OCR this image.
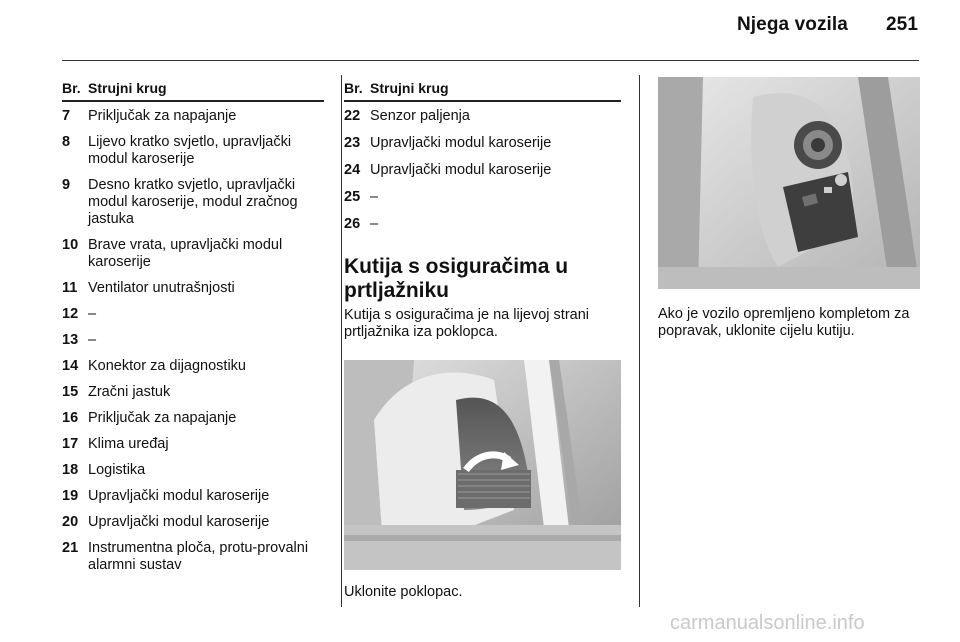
Njega vozila 251
Br. Strujni krug
7	Priključak za napajanje
8	Lijevo kratko svjetlo, upravljački modul karoserije
9	Desno kratko svjetlo, upravljački modul karoserije, modul zračnog jastuka
10 Brave vrata, upravljački modul karoserije
11 Ventilator unutrašnjosti
12 –
13 –
14 Konektor za dijagnostiku
15 Zračni jastuk
16 Priključak za napajanje
17 Klima uređaj
18 Logistika
19 Upravljački modul karoserije
20 Upravljački modul karoserije
21 Instrumentna ploča, protu-provalni alarmni sustav
Br. Strujni krug
22 Senzor paljenja
23 Upravljački modul karoserije
24 Upravljački modul karoserije
25 –
26 –
Kutija s osiguračima u prtljažniku
Kutija s osiguračima je na lijevoj strani prtljažnika iza poklopca.
Uklonite poklopac.
Ako je vozilo opremljeno kompletom za popravak, uklonite cijelu kutiju.
carmanualsonline.info
